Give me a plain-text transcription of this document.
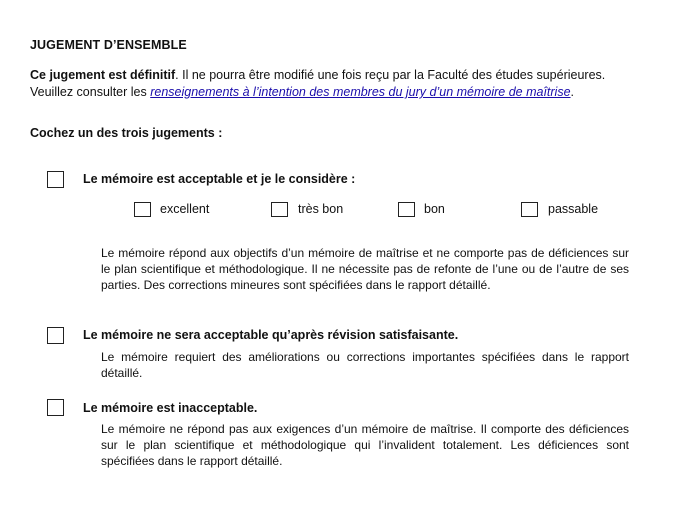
JUGEMENT D’ENSEMBLE
Ce jugement est définitif. Il ne pourra être modifié une fois reçu par la Faculté des études supérieures.
Veuillez consulter les renseignements à l’intention des membres du jury d’un mémoire de maîtrise.
Cochez un des trois jugements :
Le mémoire est acceptable et je le considère :
excellent	très bon	bon	passable
Le mémoire répond aux objectifs d’un mémoire de maîtrise et ne comporte pas de déficiences sur le plan scientifique et méthodologique. Il ne nécessite pas de refonte de l’une ou de l’autre de ses parties. Des corrections mineures sont spécifiées dans le rapport détaillé.
Le mémoire ne sera acceptable qu’après révision satisfaisante.
Le mémoire requiert des améliorations ou corrections importantes spécifiées dans le rapport détaillé.
Le mémoire est inacceptable.
Le mémoire ne répond pas aux exigences d’un mémoire de maîtrise. Il comporte des déficiences sur le plan scientifique et méthodologique qui l’invalident totalement. Les déficiences sont spécifiées dans le rapport détaillé.
